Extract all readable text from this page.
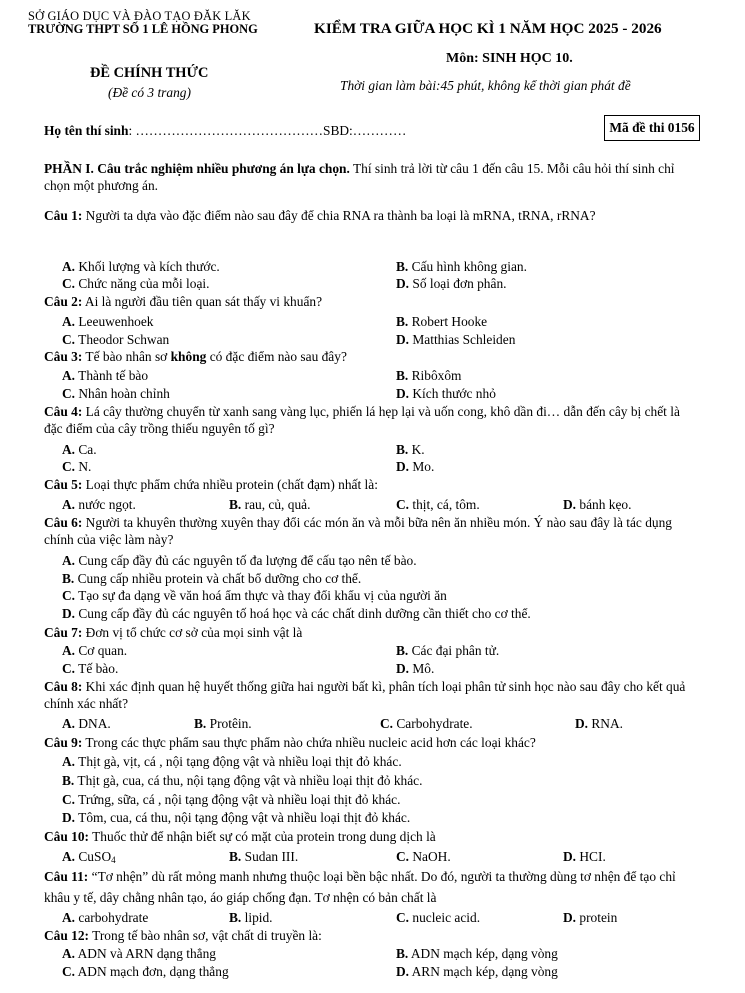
SỞ GIÁO DỤC VÀ ĐÀO TẠO ĐĂK LĂK
TRƯỜNG THPT SỐ 1 LÊ HỒNG PHONG	KIỂM TRA GIỮA HỌC KÌ 1 NĂM HỌC 2025 - 2026
Môn: SINH HỌC 10.
ĐỀ CHÍNH THỨC
(Đề có 3 trang)	Thời gian làm bài:45 phút, không kể thời gian phát đề
Họ tên thí sinh: ……………………………………SBD:…………	Mã đề thi 0156
PHẦN I. Câu trắc nghiệm nhiều phương án lựa chọn. Thí sinh trả lời từ câu 1 đến câu 15. Mỗi câu hỏi thí sinh chỉ chọn một phương án.
Câu 1: Người ta dựa vào đặc điểm nào sau đây để chia RNA ra thành ba loại là mRNA, tRNA, rRNA?
A. Khối lượng và kích thước.	B. Cấu hình không gian.
C. Chức năng của mỗi loại.	D. Số loại đơn phân.
Câu 2: Ai là người đầu tiên quan sát thấy vi khuẩn?
A. Leeuwenhoek	B. Robert Hooke
C. Theodor Schwan	D. Matthias Schleiden
Câu 3: Tế bào nhân sơ không có đặc điểm nào sau đây?
A. Thành tế bào	B. Ribôxôm
C. Nhân hoàn chỉnh	D. Kích thước nhỏ
Câu 4: Lá cây thường chuyển từ xanh sang vàng lục, phiến lá hẹp lại và uốn cong, khô dần đi… dẫn đến cây bị chết là đặc điểm của cây trồng thiếu nguyên tố gì?
A. Ca.	B. K.
C. N.	D. Mo.
Câu 5: Loại thực phẩm chứa nhiều protein (chất đạm) nhất là:
A. nước ngọt.	B. rau, củ, quả.	C. thịt, cá, tôm.	D. bánh kẹo.
Câu 6: Người ta khuyên thường xuyên thay đổi các món ăn và mỗi bữa nên ăn nhiều món. Ý nào sau đây là tác dụng chính của việc làm này?
A. Cung cấp đầy đủ các nguyên tố đa lượng để cấu tạo nên tế bào.
B. Cung cấp nhiều protein và chất bổ dưỡng cho cơ thể.
C. Tạo sự đa dạng về văn hoá ẩm thực và thay đổi khẩu vị của người ăn
D. Cung cấp đầy đủ các nguyên tố hoá học và các chất dinh dưỡng cần thiết cho cơ thể.
Câu 7: Đơn vị tổ chức cơ sở của mọi sinh vật là
A. Cơ quan.	B. Các đại phân tử.
C. Tế bào.	D. Mô.
Câu 8: Khi xác định quan hệ huyết thống giữa hai người bất kì, phân tích loại phân tử sinh học nào sau đây cho kết quả chính xác nhất?
A. DNA.	B. Protêin.	C. Carbohydrate.	D. RNA.
Câu 9: Trong các thực phẩm sau thực phẩm nào chứa nhiều nucleic acid hơn các loại khác?
A. Thịt gà, vịt, cá , nội tạng động vật và nhiều loại thịt đỏ khác.
B. Thịt gà, cua, cá thu, nội tạng động vật và nhiều loại thịt đỏ khác.
C. Trứng, sữa, cá , nội tạng động vật và nhiều loại thịt đỏ khác.
D. Tôm, cua, cá thu, nội tạng động vật và nhiều loại thịt đỏ khác.
Câu 10: Thuốc thử để nhận biết sự có mặt của protein trong dung dịch là
A. CuSO$_4$	B. Sudan III.	C. NaOH.	D. HCI.
Câu 11: “Tơ nhện” dù rất mỏng manh nhưng thuộc loại bền bậc nhất. Do đó, người ta thường dùng tơ nhện để tạo chỉ khâu y tế, dây chằng nhân tạo, áo giáp chống đạn. Tơ nhện có bản chất là
A. carbohydrate	B. lipid.	C. nucleic acid.	D. protein
Câu 12: Trong tế bào nhân sơ, vật chất di truyền là:
A. ADN và ARN dạng thẳng	B. ADN mạch kép, dạng vòng
C. ADN mạch đơn, dạng thẳng	D. ARN mạch kép, dạng vòng
